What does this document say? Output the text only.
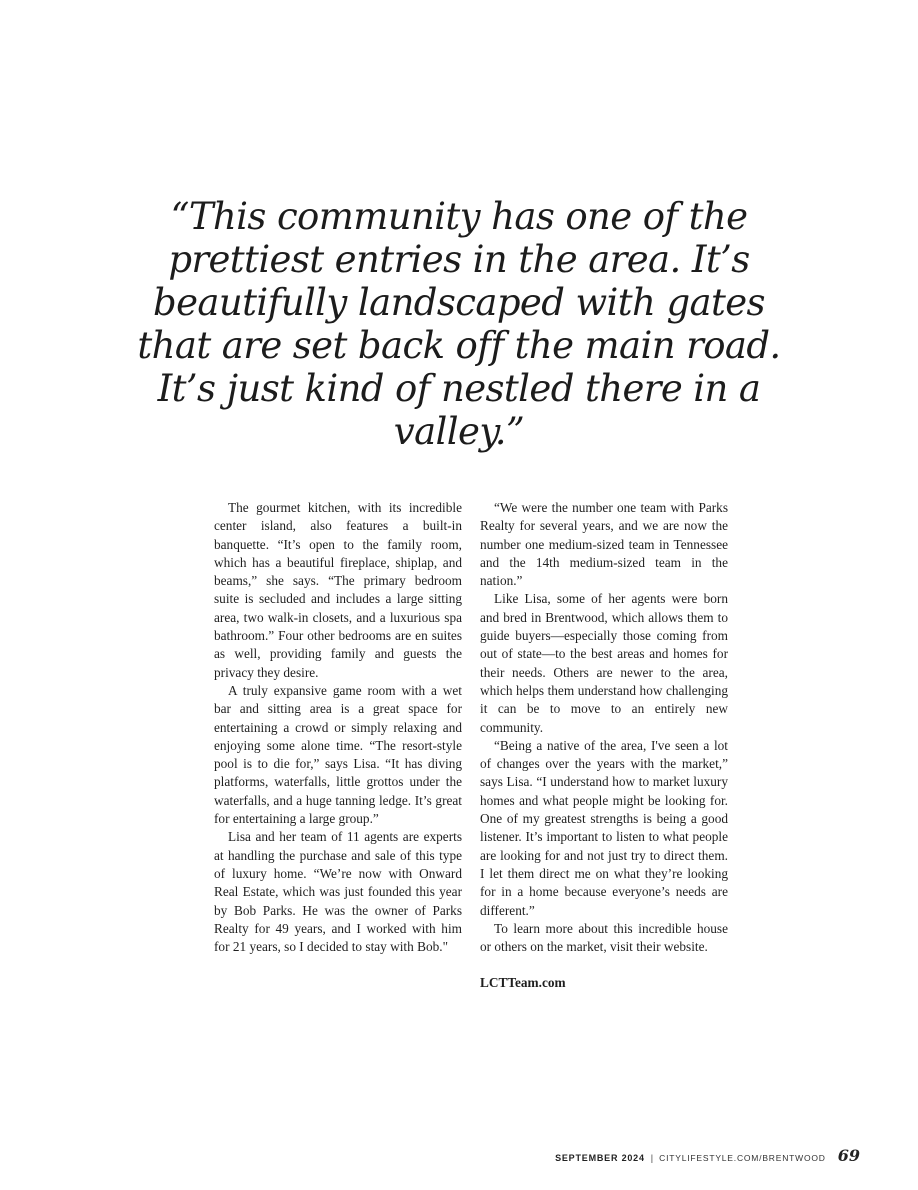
“This community has one of the prettiest entries in the area. It’s beautifully landscaped with gates that are set back off the main road. It’s just kind of nestled there in a valley.”

The gourmet kitchen, with its incredible center island, also features a built-in banquette. “It’s open to the family room, which has a beautiful fireplace, shiplap, and beams,” she says. “The primary bedroom suite is secluded and includes a large sitting area, two walk-in closets, and a luxurious spa bathroom.” Four other bedrooms are en suites as well, providing family and guests the privacy they desire.

A truly expansive game room with a wet bar and sitting area is a great space for entertaining a crowd or simply relaxing and enjoying some alone time. “The resort-style pool is to die for,” says Lisa. “It has diving platforms, waterfalls, little grottos under the waterfalls, and a huge tanning ledge. It’s great for entertaining a large group.”

Lisa and her team of 11 agents are experts at handling the purchase and sale of this type of luxury home. “We’re now with Onward Real Estate, which was just founded this year by Bob Parks. He was the owner of Parks Realty for 49 years, and I worked with him for 21 years, so I decided to stay with Bob."

“We were the number one team with Parks Realty for several years, and we are now the number one medium-sized team in Tennessee and the 14th medium-sized team in the nation.”

Like Lisa, some of her agents were born and bred in Brentwood, which allows them to guide buyers—especially those coming from out of state—to the best areas and homes for their needs. Others are newer to the area, which helps them understand how challenging it can be to move to an entirely new community.

“Being a native of the area, I've seen a lot of changes over the years with the market,” says Lisa. “I understand how to market luxury homes and what people might be looking for. One of my greatest strengths is being a good listener. It’s important to listen to what people are looking for and not just try to direct them. I let them direct me on what they’re looking for in a home because everyone’s needs are different.”

To learn more about this incredible house or others on the market, visit their website.

LCTTeam.com

SEPTEMBER 2024 | CITYLIFESTYLE.COM/BRENTWOOD 69
